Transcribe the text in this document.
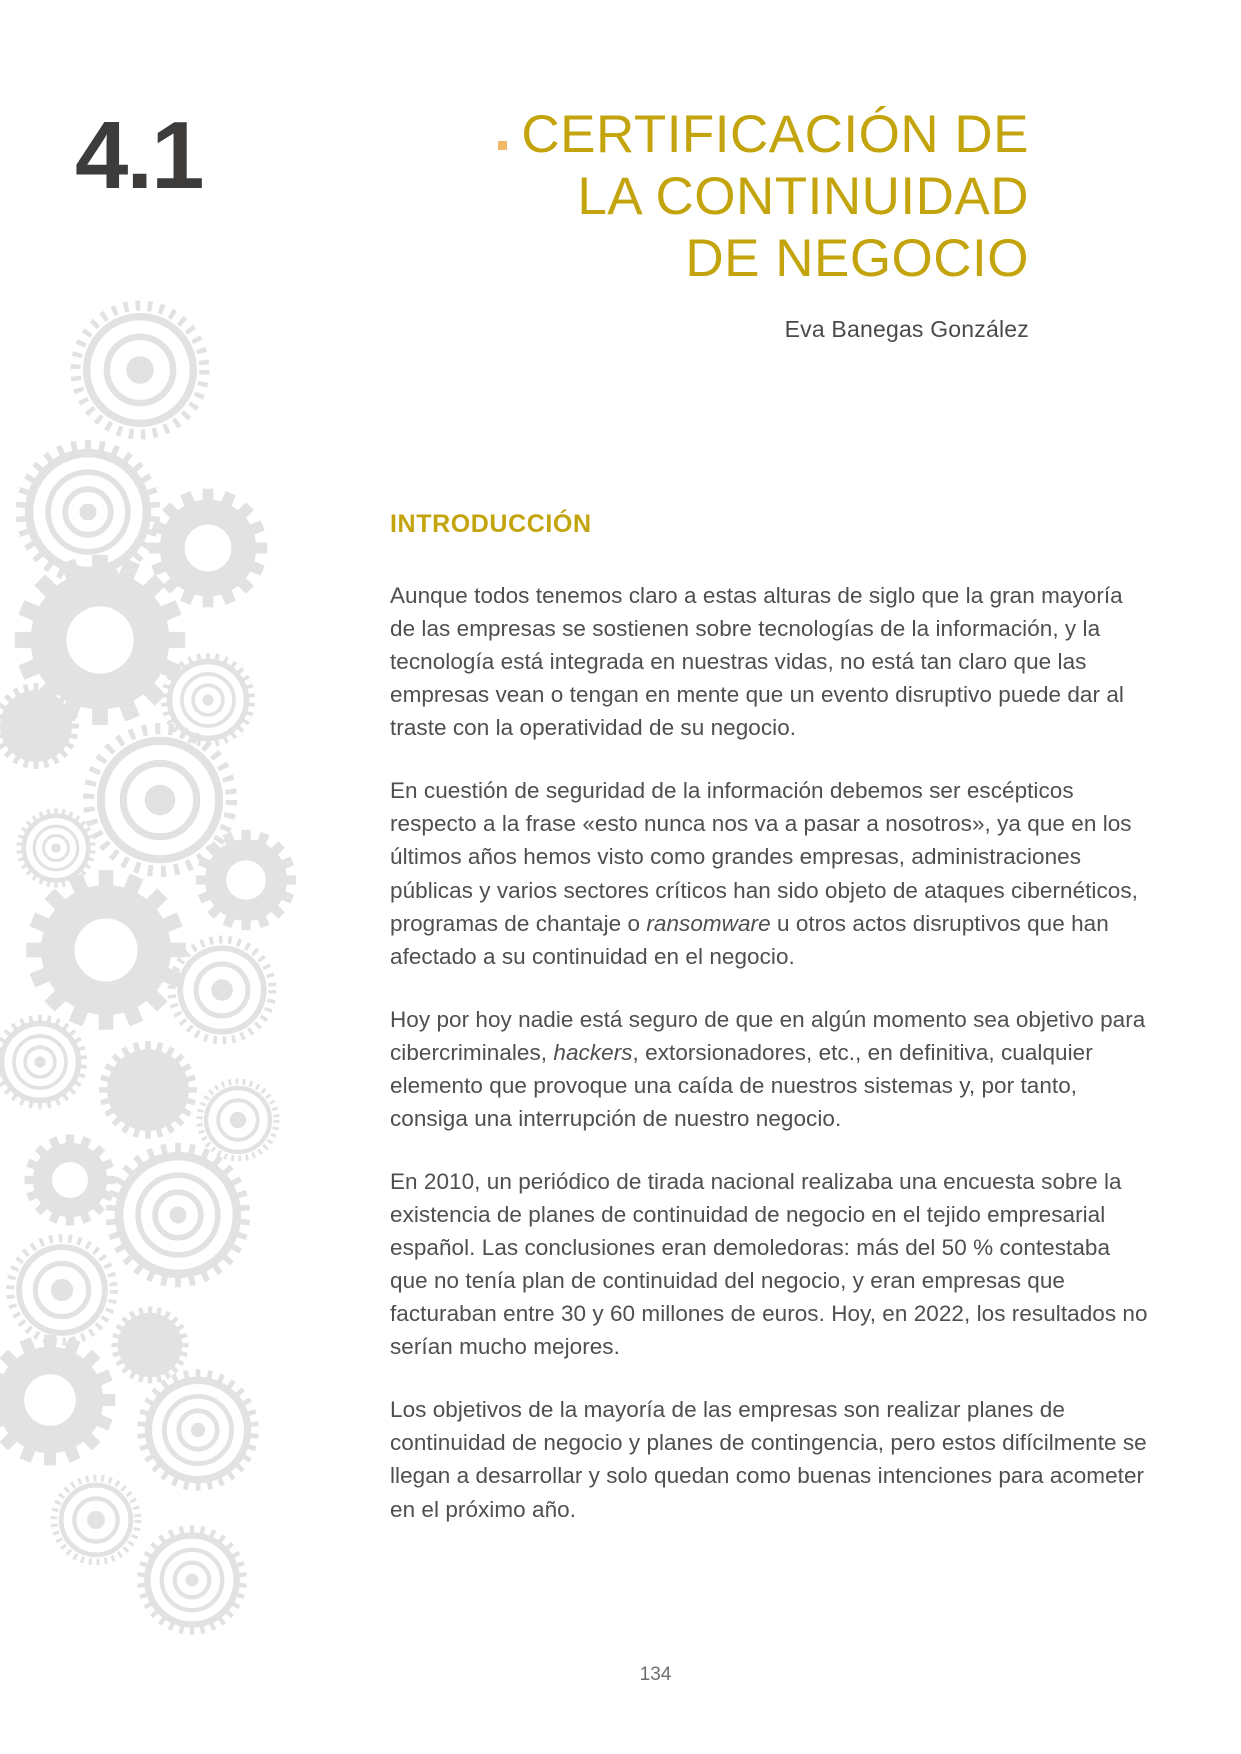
4.1	CERTIFICACIÓN DE
LA CONTINUIDAD
DE NEGOCIO
Eva Banegas González
INTRODUCCIÓN

Aunque todos tenemos claro a estas alturas de siglo que la gran mayoría de las empresas se sostienen sobre tecnologías de la información, y la tecnología está integrada en nuestras vidas, no está tan claro que las empresas vean o tengan en mente que un evento disruptivo puede dar al traste con la operatividad de su negocio.

En cuestión de seguridad de la información debemos ser escépticos respecto a la frase «esto nunca nos va a pasar a nosotros», ya que en los últimos años hemos visto como grandes empresas, administraciones públicas y varios sectores críticos han sido objeto de ataques cibernéticos, programas de chantaje o ransomware u otros actos disruptivos que han afectado a su continuidad en el negocio.

Hoy por hoy nadie está seguro de que en algún momento sea objetivo para cibercriminales, hackers, extorsionadores, etc., en definitiva, cualquier elemento que provoque una caída de nuestros sistemas y, por tanto, consiga una interrupción de nuestro negocio.

En 2010, un periódico de tirada nacional realizaba una encuesta sobre la existencia de planes de continuidad de negocio en el tejido empresarial español. Las conclusiones eran demoledoras: más del 50 % contestaba que no tenía plan de continuidad del negocio, y eran empresas que facturaban entre 30 y 60 millones de euros. Hoy, en 2022, los resultados no serían mucho mejores.

Los objetivos de la mayoría de las empresas son realizar planes de continuidad de negocio y planes de contingencia, pero estos difícilmente se llegan a desarrollar y solo quedan como buenas intenciones para acometer en el próximo año.

134
